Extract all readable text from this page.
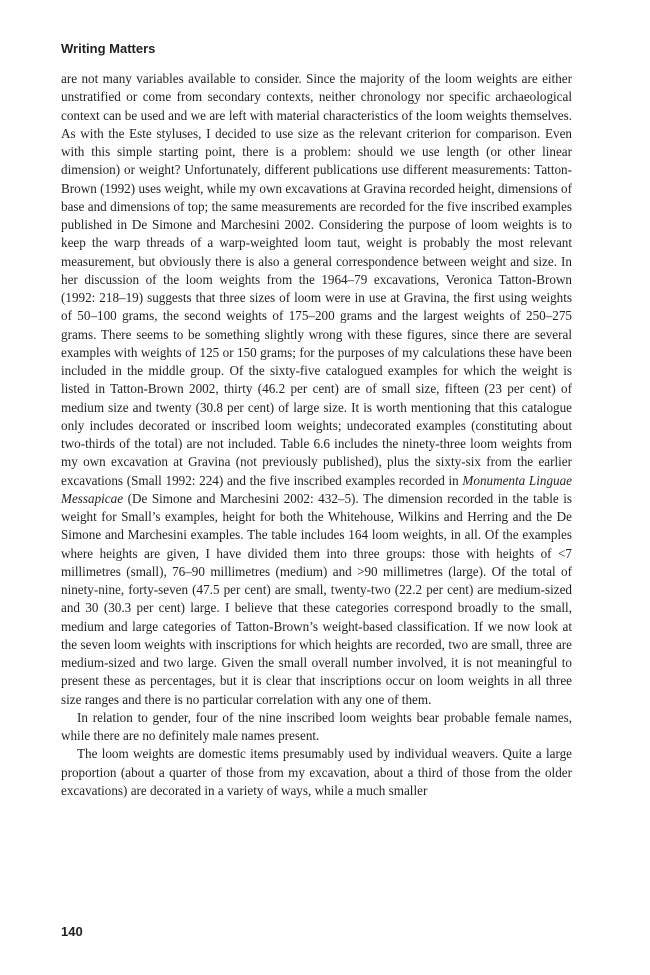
Writing Matters

are not many variables available to consider. Since the majority of the loom weights are either unstratified or come from secondary contexts, neither chronology nor specific archaeological context can be used and we are left with material characteristics of the loom weights themselves. As with the Este styluses, I decided to use size as the relevant criterion for comparison. Even with this simple starting point, there is a problem: should we use length (or other linear dimension) or weight? Unfortunately, different publications use different measurements: Tatton-Brown (1992) uses weight, while my own excavations at Gravina recorded height, dimensions of base and dimensions of top; the same measurements are recorded for the five inscribed examples published in De Simone and Marchesini 2002. Considering the purpose of loom weights is to keep the warp threads of a warp-weighted loom taut, weight is probably the most relevant measurement, but obviously there is also a general correspondence between weight and size. In her discussion of the loom weights from the 1964–79 excavations, Veronica Tatton-Brown (1992: 218–19) suggests that three sizes of loom were in use at Gravina, the first using weights of 50–100 grams, the second weights of 175–200 grams and the largest weights of 250–275 grams. There seems to be something slightly wrong with these figures, since there are several examples with weights of 125 or 150 grams; for the purposes of my calculations these have been included in the middle group. Of the sixty-five catalogued examples for which the weight is listed in Tatton-Brown 2002, thirty (46.2 per cent) are of small size, fifteen (23 per cent) of medium size and twenty (30.8 per cent) of large size. It is worth mentioning that this catalogue only includes decorated or inscribed loom weights; undecorated examples (constituting about two-thirds of the total) are not included. Table 6.6 includes the ninety-three loom weights from my own excavation at Gravina (not previously published), plus the sixty-six from the earlier excavations (Small 1992: 224) and the five inscribed examples recorded in Monumenta Linguae Messapicae (De Simone and Marchesini 2002: 432–5). The dimension recorded in the table is weight for Small’s examples, height for both the Whitehouse, Wilkins and Herring and the De Simone and Marchesini examples. The table includes 164 loom weights, in all. Of the examples where heights are given, I have divided them into three groups: those with heights of <7 millimetres (small), 76–90 millimetres (medium) and >90 millimetres (large). Of the total of ninety-nine, forty-seven (47.5 per cent) are small, twenty-two (22.2 per cent) are medium-sized and 30 (30.3 per cent) large. I believe that these categories correspond broadly to the small, medium and large categories of Tatton-Brown’s weight-based classification. If we now look at the seven loom weights with inscriptions for which heights are recorded, two are small, three are medium-sized and two large. Given the small overall number involved, it is not meaningful to present these as percentages, but it is clear that inscriptions occur on loom weights in all three size ranges and there is no particular correlation with any one of them.

In relation to gender, four of the nine inscribed loom weights bear probable female names, while there are no definitely male names present.

The loom weights are domestic items presumably used by individual weavers. Quite a large proportion (about a quarter of those from my excavation, about a third of those from the older excavations) are decorated in a variety of ways, while a much smaller

140
